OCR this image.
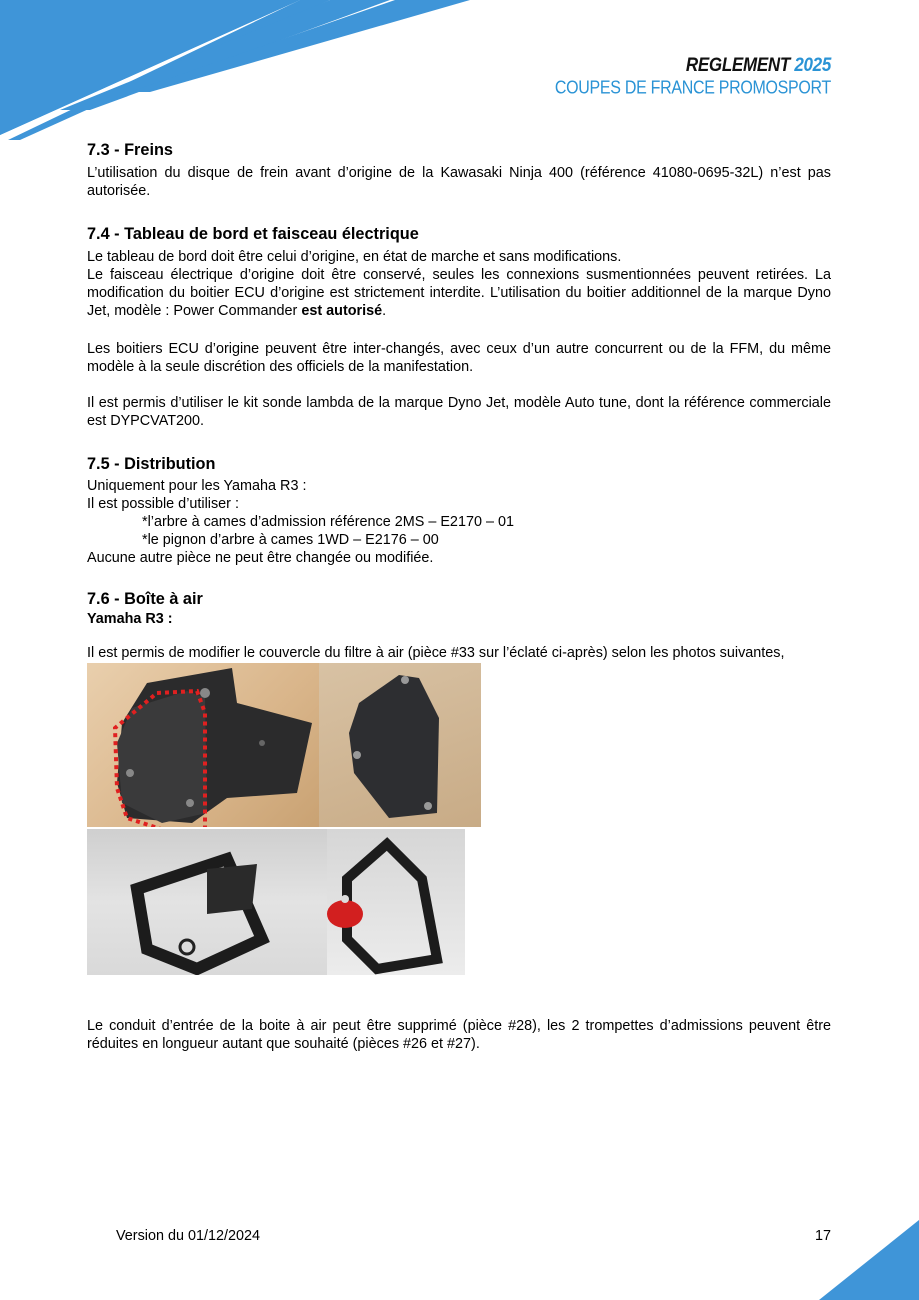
REGLEMENT 2025
COUPES DE FRANCE PROMOSPORT
7.3 - Freins

L’utilisation du disque de frein avant d’origine de la Kawasaki Ninja 400 (référence 41080-0695-32L) n’est pas autorisée.

7.4 - Tableau de bord et faisceau électrique

Le tableau de bord doit être celui d’origine, en état de marche et sans modifications.

Le faisceau électrique d’origine doit être conservé, seules les connexions susmentionnées peuvent retirées. La modification du boitier ECU d’origine est strictement interdite. L’utilisation du boitier additionnel de la marque Dyno Jet, modèle : Power Commander est autorisé.

Les boitiers ECU d’origine peuvent être inter-changés, avec ceux d’un autre concurrent ou de la FFM, du même modèle à la seule discrétion des officiels de la manifestation.

Il est permis d’utiliser le kit sonde lambda de la marque Dyno Jet, modèle Auto tune, dont la référence commerciale est DYPCVAT200.

7.5 - Distribution

Uniquement pour les Yamaha R3 :

Il est possible d’utiliser :

*l’arbre à cames d’admission référence 2MS – E2170 – 01

*le pignon d’arbre à cames 1WD – E2176 – 00

Aucune autre pièce ne peut être changée ou modifiée.

7.6 - Boîte à air
Yamaha R3 :

Il est permis de modifier le couvercle du filtre à air (pièce #33 sur l’éclaté ci-après) selon les photos suivantes,

Le conduit d’entrée de la boite à air peut être supprimé (pièce #28), les 2 trompettes d’admissions peuvent être réduites en longueur autant que souhaité (pièces #26 et #27).

Version du 01/12/2024	17
